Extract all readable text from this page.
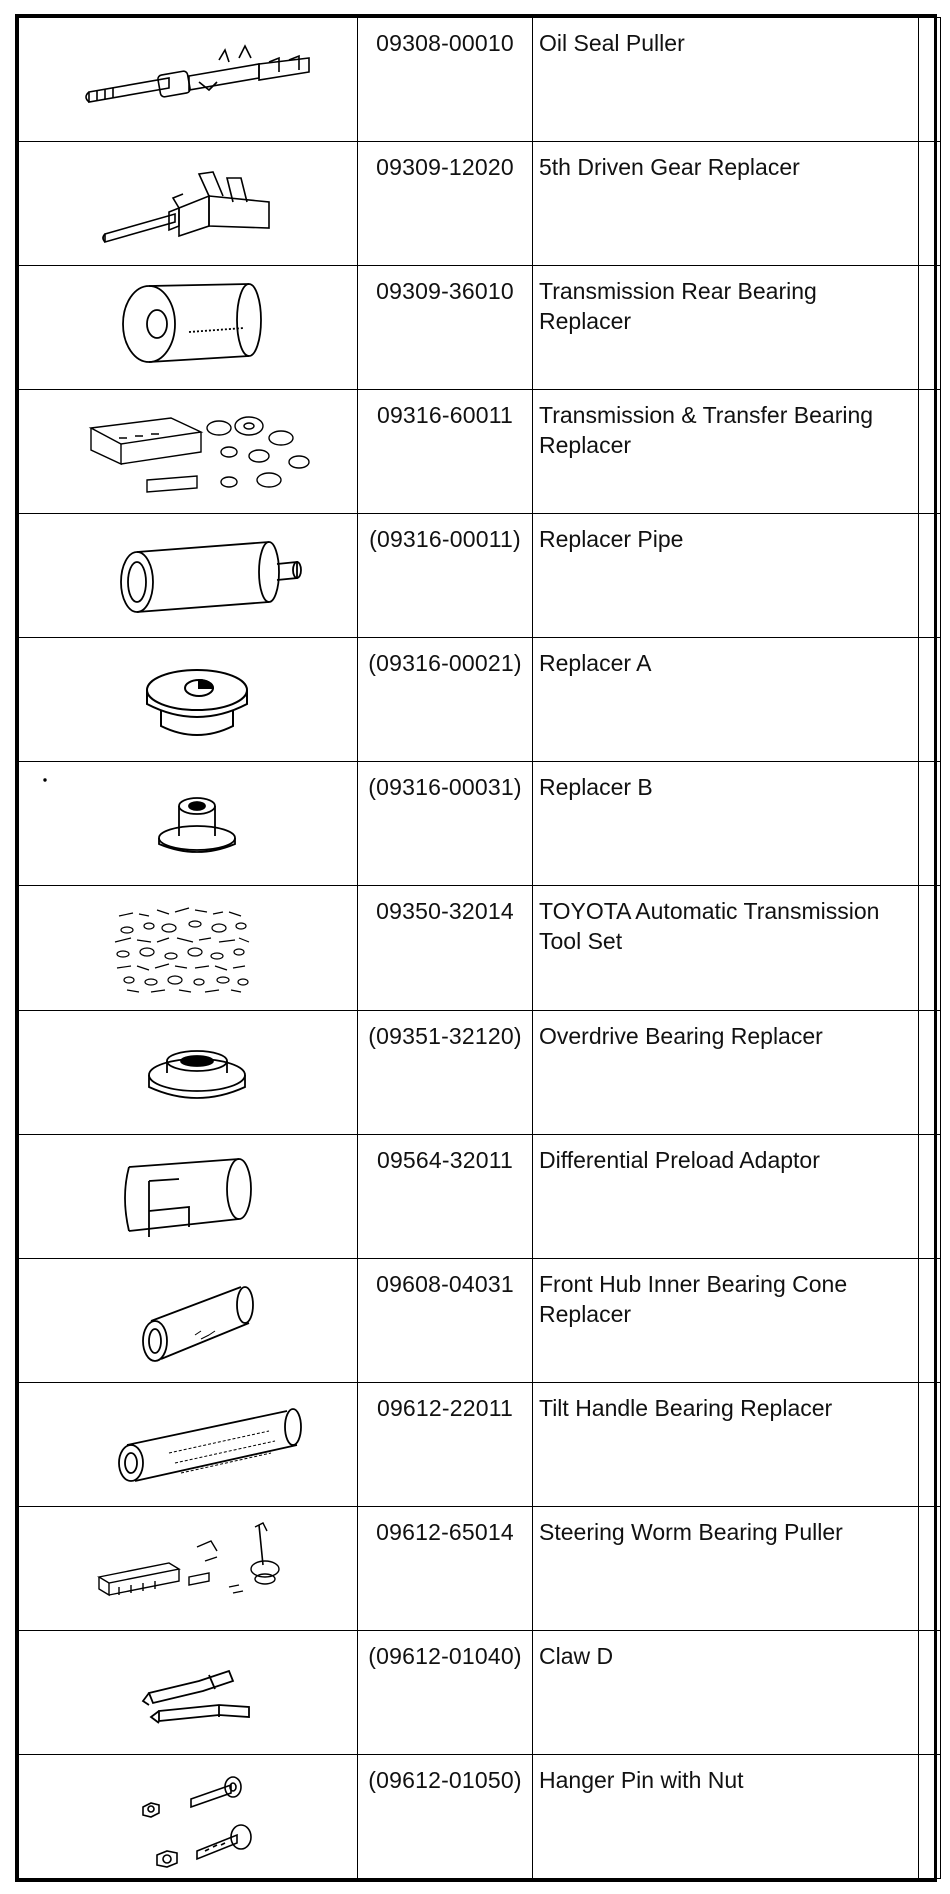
	09308-00010	Oil Seal Puller	

	09309-12020	5th Driven Gear Replacer	

	09309-36010	Transmission Rear Bearing Replacer	

	09316-60011	Transmission & Transfer Bearing Replacer	

	(09316-00011)	Replacer Pipe	

	(09316-00021)	Replacer A	

	(09316-00031)	Replacer B	

	09350-32014	TOYOTA Automatic Transmission Tool Set	

	(09351-32120)	Overdrive Bearing Replacer	

	09564-32011	Differential Preload Adaptor	

	09608-04031	Front Hub Inner Bearing Cone Replacer	

	09612-22011	Tilt Handle Bearing Replacer	

	09612-65014	Steering Worm Bearing Puller	

	(09612-01040)	Claw D	

	(09612-01050)	Hanger Pin with Nut	
